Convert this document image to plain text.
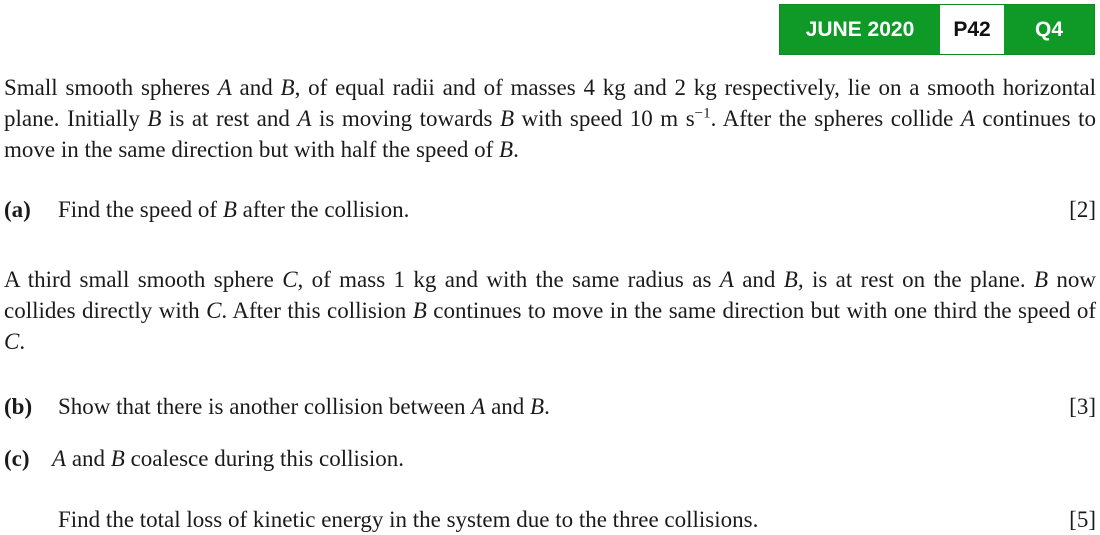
JUNE 2020	P42	Q4

Small smooth spheres A and B, of equal radii and of masses 4 kg and 2 kg respectively, lie on a smooth horizontal plane. Initially B is at rest and A is moving towards B with speed 10 m $s^{-1}$. After the spheres collide A continues to move in the same direction but with half the speed of B.

(a) Find the speed of B after the collision.	[2]

A third small smooth sphere C, of mass 1 kg and with the same radius as A and B, is at rest on the plane. B now collides directly with C. After this collision B continues to move in the same direction but with one third the speed of C.

(b) Show that there is another collision between A and B.	[3]
(c) A and B coalesce during this collision.
Find the total loss of kinetic energy in the system due to the three collisions.	[5]
